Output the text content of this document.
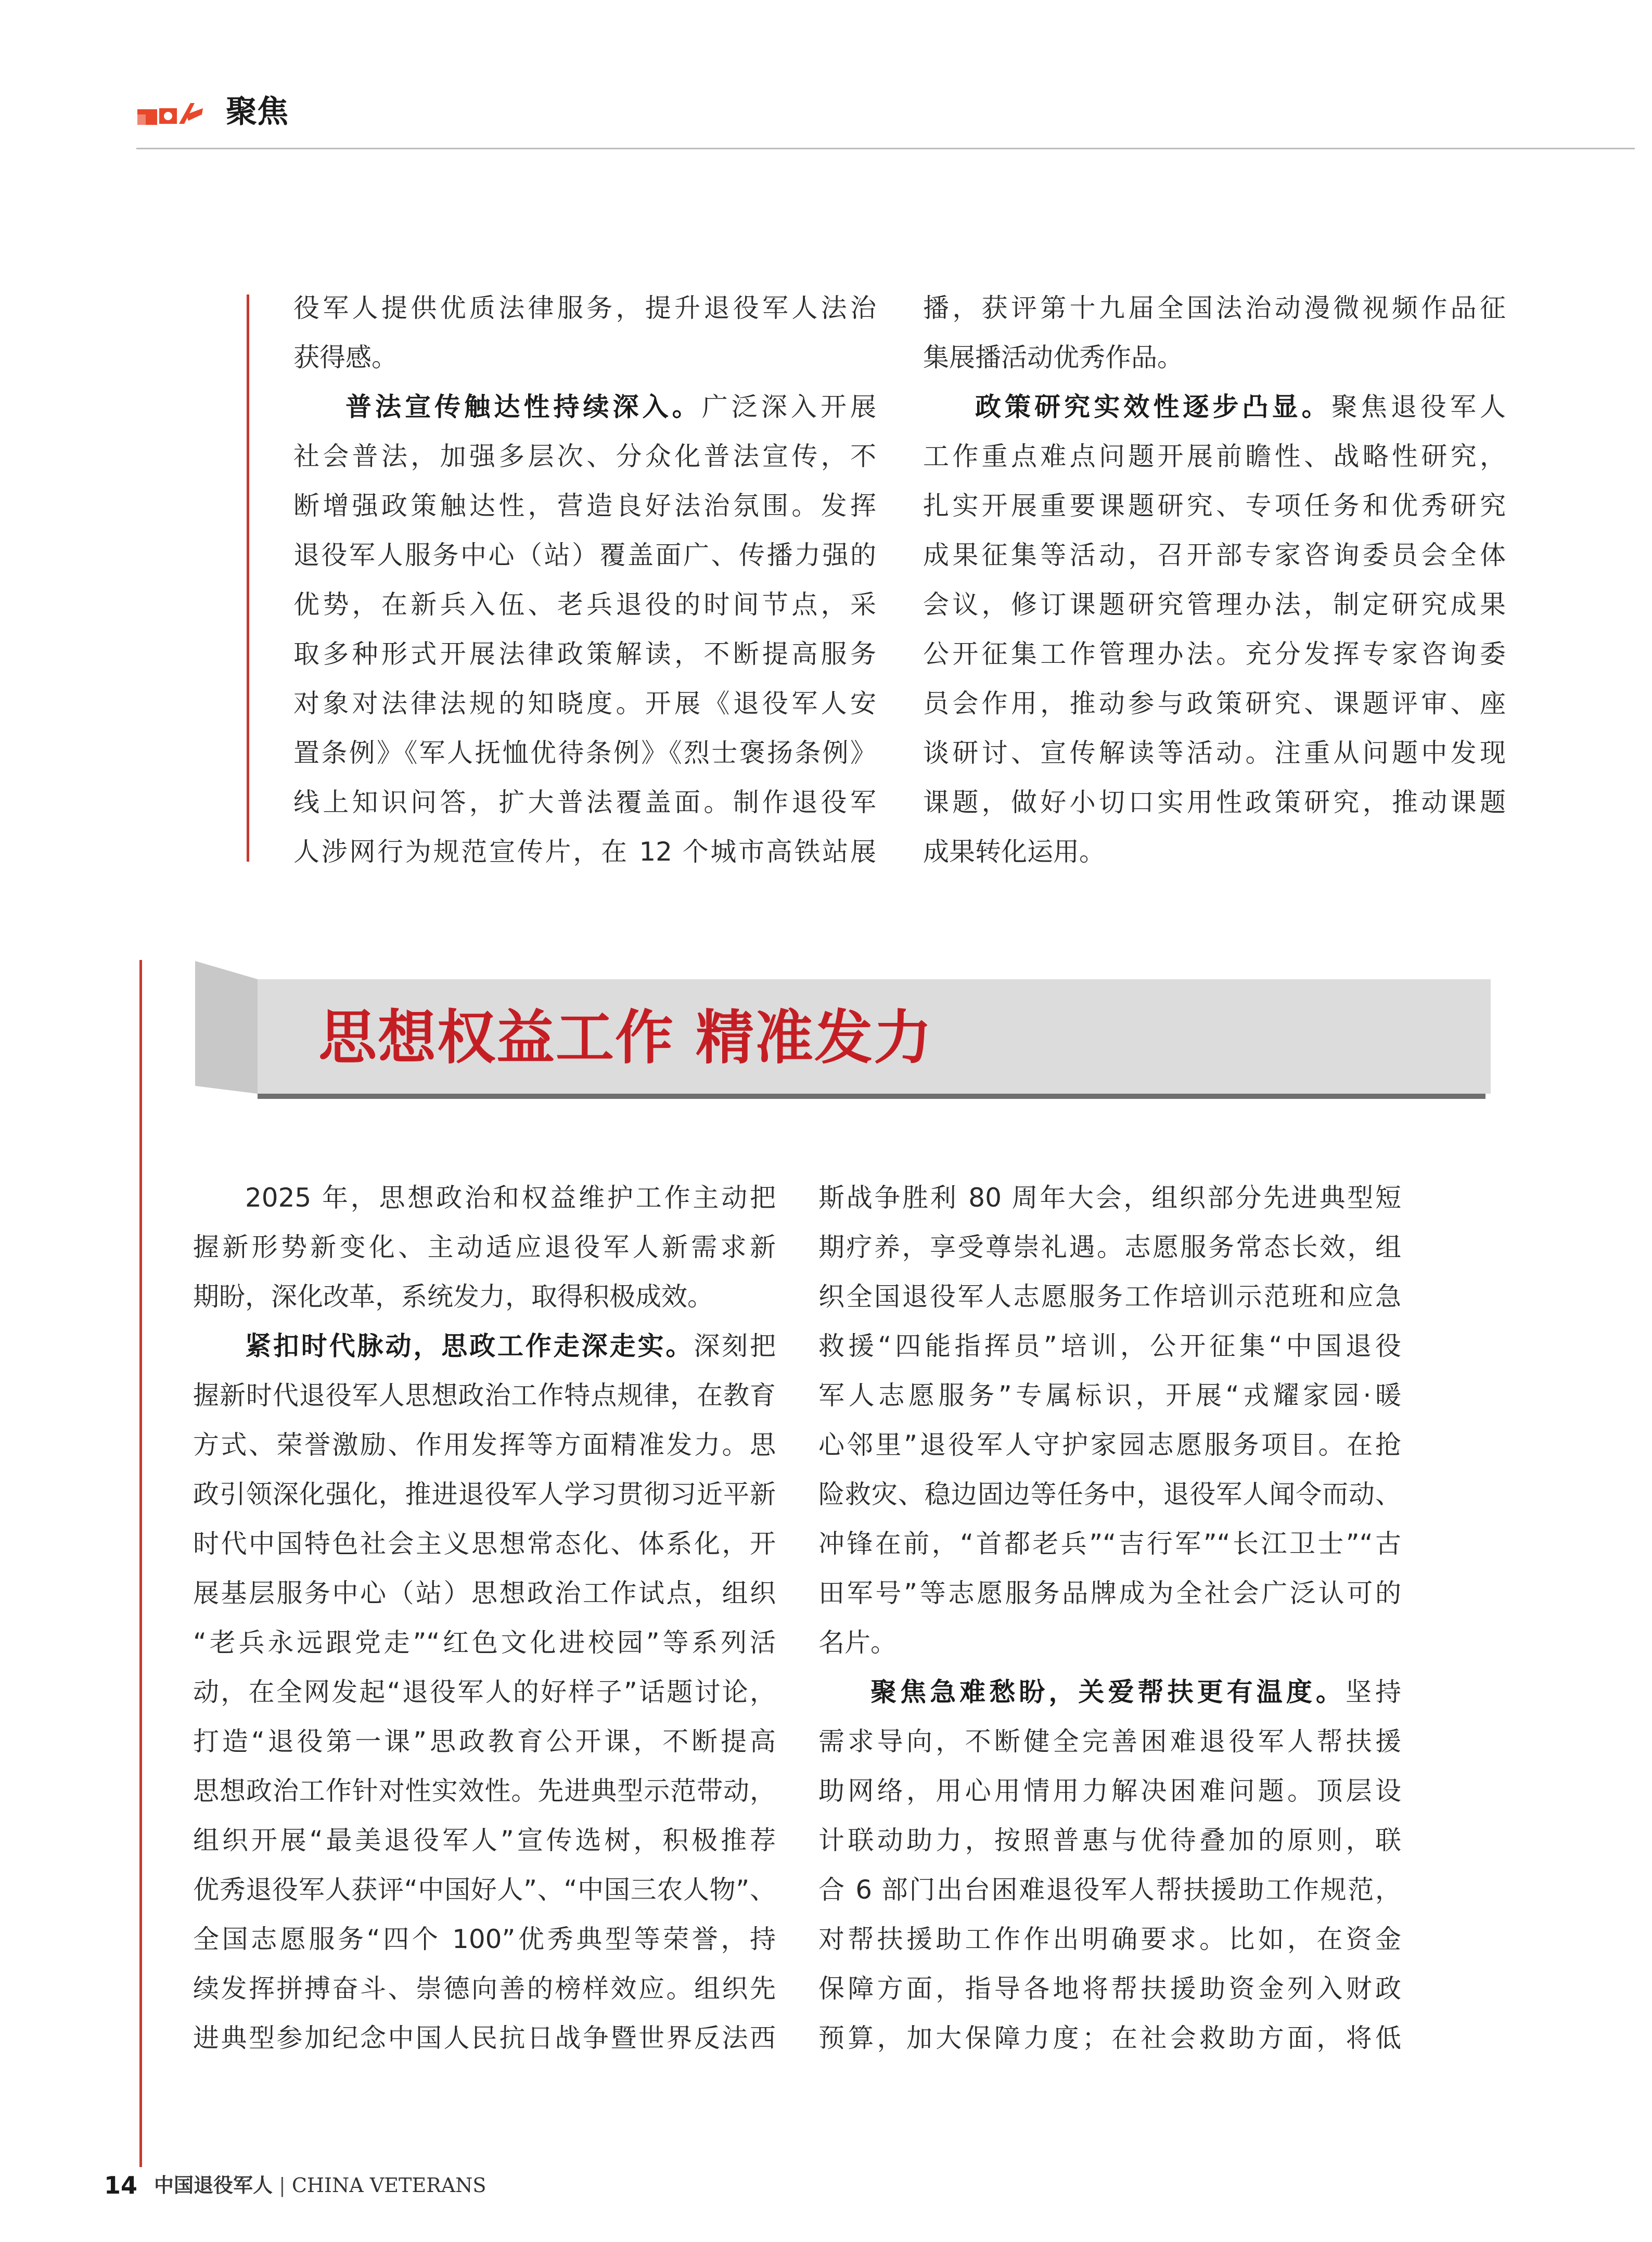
聚焦

役军人提供优质法律服务，提升退役军人法治

获得感。

普法宣传触达性持续深入。广泛深入开展

社会普法，加强多层次、分众化普法宣传，不

断增强政策触达性，营造良好法治氛围。发挥

退役军人服务中心（站）覆盖面广、传播力强的

优势，在新兵入伍、老兵退役的时间节点，采

取多种形式开展法律政策解读，不断提高服务

对象对法律法规的知晓度。开展《退役军人安

置条例》《军人抚恤优待条例》《烈士褒扬条例》

线上知识问答，扩大普法覆盖面。制作退役军

人涉网行为规范宣传片，在 12 个城市高铁站展

播，获评第十九届全国法治动漫微视频作品征

集展播活动优秀作品。

政策研究实效性逐步凸显。聚焦退役军人

工作重点难点问题开展前瞻性、战略性研究，

扎实开展重要课题研究、专项任务和优秀研究

成果征集等活动，召开部专家咨询委员会全体

会议，修订课题研究管理办法，制定研究成果

公开征集工作管理办法。充分发挥专家咨询委

员会作用，推动参与政策研究、课题评审、座

谈研讨、宣传解读等活动。注重从问题中发现

课题，做好小切口实用性政策研究，推动课题

成果转化运用。

思想权益工作 精准发力

2025 年，思想政治和权益维护工作主动把

握新形势新变化、主动适应退役军人新需求新

期盼，深化改革，系统发力，取得积极成效。

紧扣时代脉动，思政工作走深走实。深刻把

握新时代退役军人思想政治工作特点规律，在教育

方式、荣誉激励、作用发挥等方面精准发力。思

政引领深化强化，推进退役军人学习贯彻习近平新

时代中国特色社会主义思想常态化、体系化，开

展基层服务中心（站）思想政治工作试点，组织

“老兵永远跟党走”“红色文化进校园”等系列活

动，在全网发起“退役军人的好样子”话题讨论，

打造“退役第一课”思政教育公开课，不断提高

思想政治工作针对性实效性。先进典型示范带动，

组织开展“最美退役军人”宣传选树，积极推荐

优秀退役军人获评“中国好人”、“中国三农人物”、

全国志愿服务“四个 100”优秀典型等荣誉，持

续发挥拼搏奋斗、崇德向善的榜样效应。组织先

进典型参加纪念中国人民抗日战争暨世界反法西

斯战争胜利 80 周年大会，组织部分先进典型短

期疗养，享受尊崇礼遇。志愿服务常态长效，组

织全国退役军人志愿服务工作培训示范班和应急

救援“四能指挥员”培训，公开征集“中国退役

军人志愿服务”专属标识，开展“戎耀家园·暖

心邻里”退役军人守护家园志愿服务项目。在抢

险救灾、稳边固边等任务中，退役军人闻令而动、

冲锋在前，“首都老兵”“吉行军”“长江卫士”“古

田军号”等志愿服务品牌成为全社会广泛认可的

名片。

聚焦急难愁盼，关爱帮扶更有温度。坚持

需求导向，不断健全完善困难退役军人帮扶援

助网络，用心用情用力解决困难问题。顶层设

计联动助力，按照普惠与优待叠加的原则，联

合 6 部门出台困难退役军人帮扶援助工作规范，

对帮扶援助工作作出明确要求。比如，在资金

保障方面，指导各地将帮扶援助资金列入财政

预算，加大保障力度；在社会救助方面，将低

14 中国退役军人 | CHINA VETERANS
